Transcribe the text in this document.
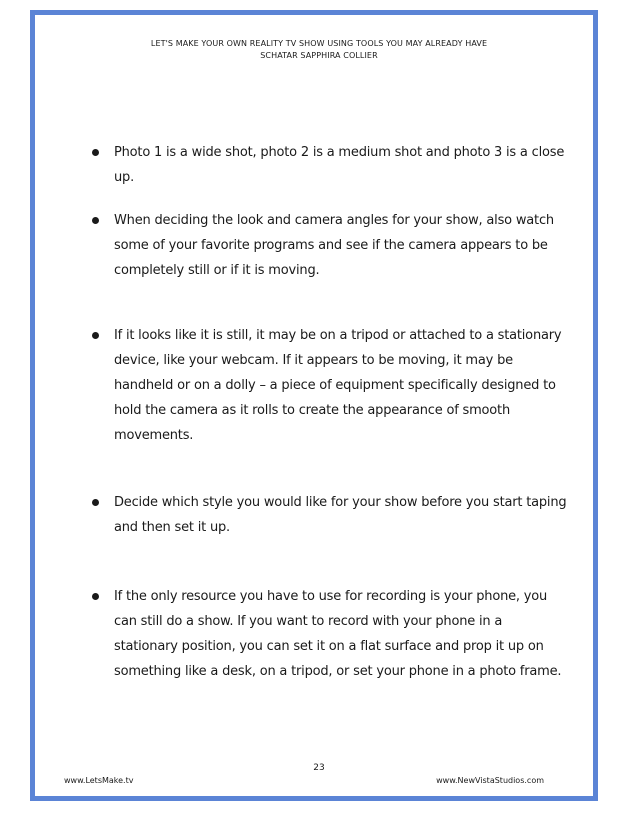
LET'S MAKE YOUR OWN REALITY TV SHOW USING TOOLS YOU MAY ALREADY HAVE
SCHATAR SAPPHIRA COLLIER
Photo 1 is a wide shot, photo 2 is a medium shot and photo 3 is a close up.
When deciding the look and camera angles for your show, also watch some of your favorite programs and see if the camera appears to be completely still or if it is moving.
If it looks like it is still, it may be on a tripod or attached to a stationary device, like your webcam. If it appears to be moving, it may be handheld or on a dolly – a piece of equipment specifically designed to hold the camera as it rolls to create the appearance of smooth movements.
Decide which style you would like for your show before you start taping and then set it up.
If the only resource you have to use for recording is your phone, you can still do a show. If you want to record with your phone in a stationary position, you can set it on a flat surface and prop it up on something like a desk, on a tripod, or set your phone in a photo frame.
23
www.LetsMake.tv	www.NewVistaStudios.com
